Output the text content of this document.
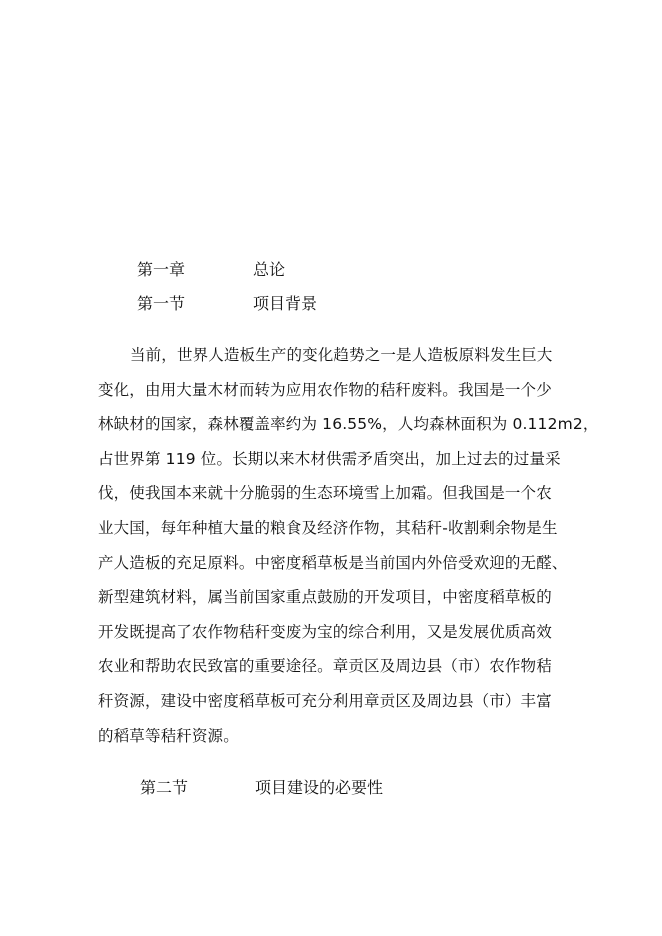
第一章	总论
第一节	项目背景
当前，世界人造板生产的变化趋势之一是人造板原料发生巨大
变化，由用大量木材而转为应用农作物的秸秆废料。我国是一个少
林缺材的国家，森林覆盖率约为 16.55%，人均森林面积为 0.112m2，
占世界第 119 位。长期以来木材供需矛盾突出，加上过去的过量采
伐，使我国本来就十分脆弱的生态环境雪上加霜。但我国是一个农
业大国，每年种植大量的粮食及经济作物，其秸秆-收割剩余物是生
产人造板的充足原料。中密度稻草板是当前国内外倍受欢迎的无醛、
新型建筑材料，属当前国家重点鼓励的开发项目，中密度稻草板的
开发既提高了农作物秸秆变废为宝的综合利用，又是发展优质高效
农业和帮助农民致富的重要途径。章贡区及周边县（市）农作物秸
秆资源，建设中密度稻草板可充分利用章贡区及周边县（市）丰富
的稻草等秸秆资源。
第二节	项目建设的必要性
